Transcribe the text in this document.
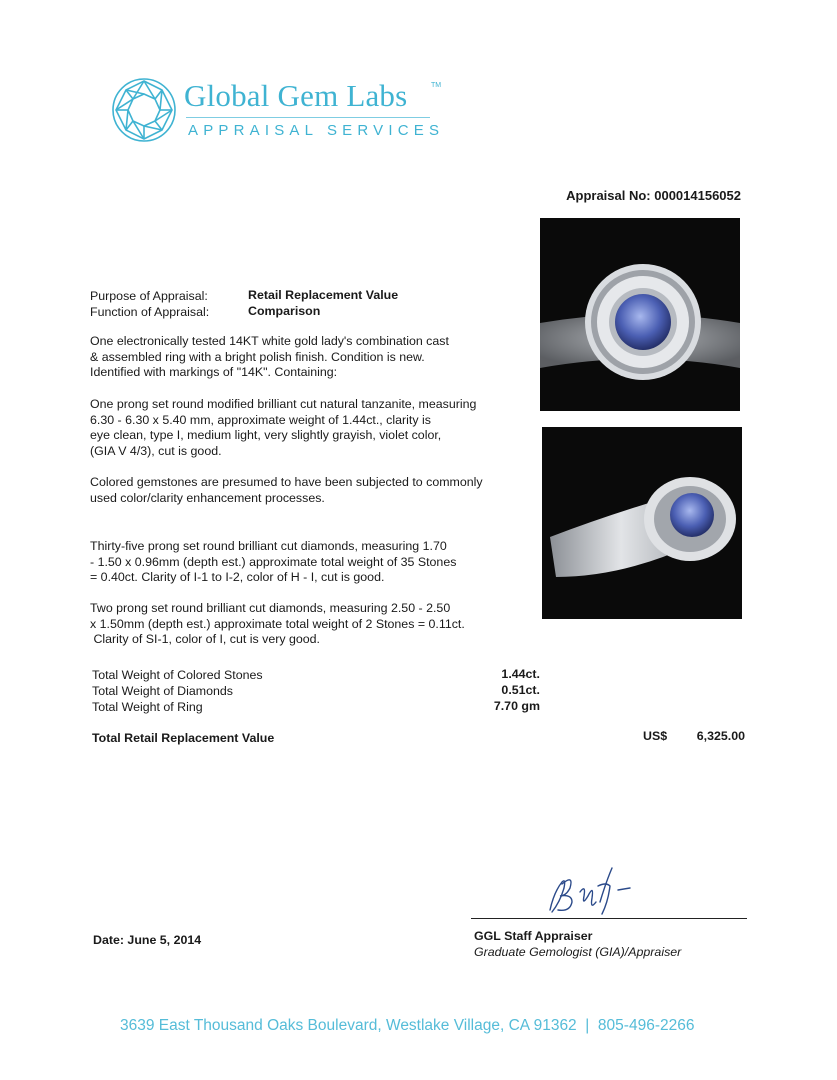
Global Gem Labs	TM
APPRAISAL SERVICES
Appraisal No: 000014156052
Purpose of Appraisal:	Retail Replacement Value
Function of Appraisal:	Comparison
One electronically tested 14KT white gold lady's combination cast
& assembled ring with a bright polish finish. Condition is new.
Identified with markings of "14K". Containing:
One prong set round modified brilliant cut natural tanzanite, measuring
6.30 - 6.30 x 5.40 mm, approximate weight of 1.44ct., clarity is
eye clean, type I, medium light, very slightly grayish, violet color,
(GIA V 4/3), cut is good.
Colored gemstones are presumed to have been subjected to commonly
used color/clarity enhancement processes.
Thirty-five prong set round brilliant cut diamonds, measuring 1.70
- 1.50 x 0.96mm (depth est.) approximate total weight of 35 Stones
= 0.40ct. Clarity of I-1 to I-2, color of H - I, cut is good.
Two prong set round brilliant cut diamonds, measuring 2.50 - 2.50
x 1.50mm (depth est.) approximate total weight of 2 Stones = 0.11ct.
Clarity of SI-1, color of I, cut is very good.
Total Weight of Colored Stones	1.44ct.
Total Weight of Diamonds	0.51ct.
Total Weight of Ring	7.70 gm
Total Retail Replacement Value	US$ 6,325.00
GGL Staff Appraiser
Graduate Gemologist (GIA)/Appraiser
Date: June 5, 2014
3639 East Thousand Oaks Boulevard, Westlake Village, CA 91362  |  805-496-2266
